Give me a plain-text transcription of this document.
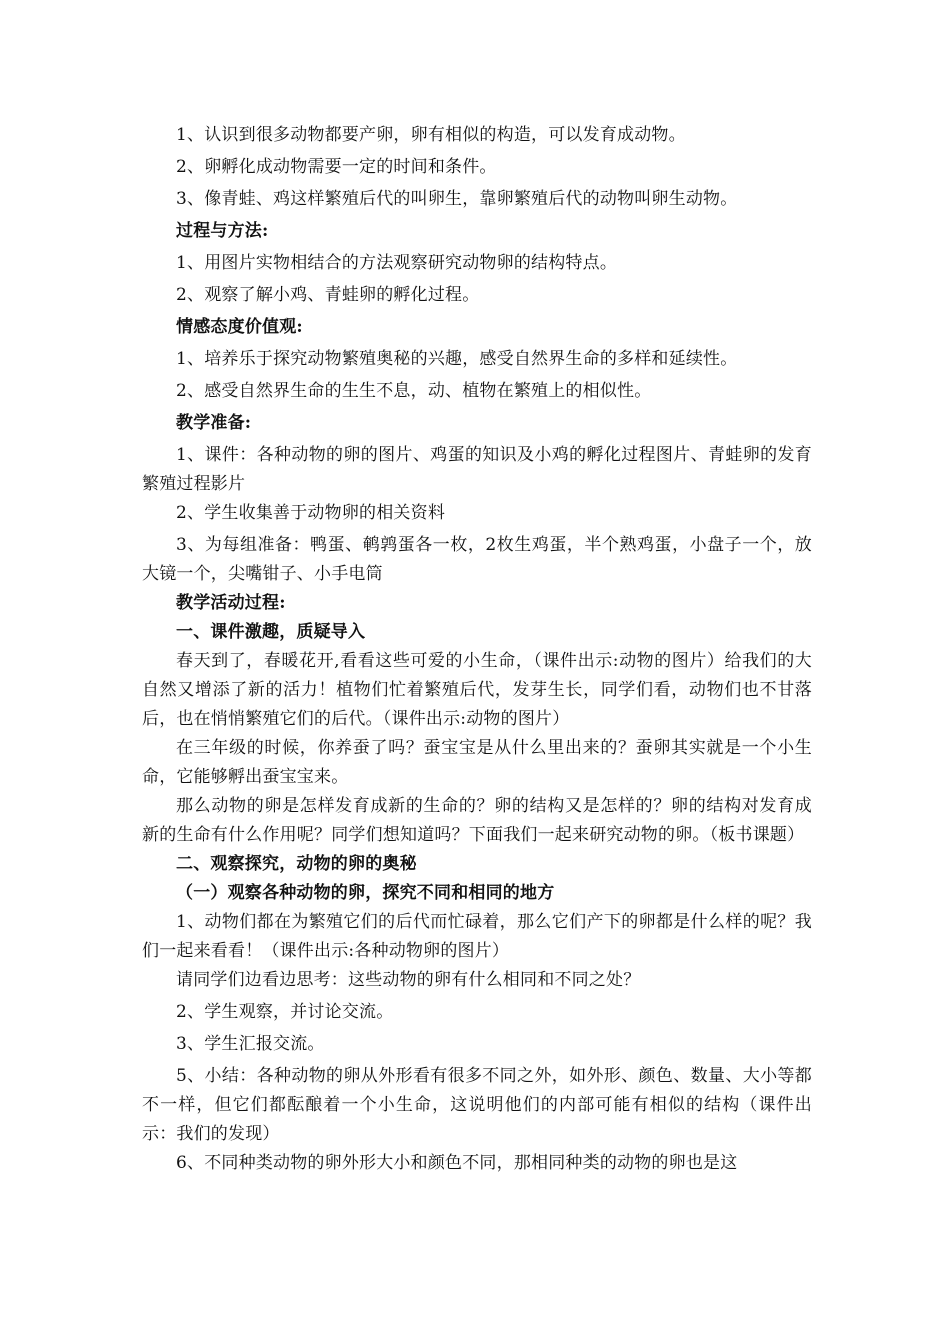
1、认识到很多动物都要产卵，卵有相似的构造，可以发育成动物。

2、卵孵化成动物需要一定的时间和条件。

3、像青蛙、鸡这样繁殖后代的叫卵生，靠卵繁殖后代的动物叫卵生动物。

过程与方法:

1、用图片实物相结合的方法观察研究动物卵的结构特点。

2、观察了解小鸡、青蛙卵的孵化过程。

情感态度价值观:

1、培养乐于探究动物繁殖奥秘的兴趣，感受自然界生命的多样和延续性。

2、感受自然界生命的生生不息，动、植物在繁殖上的相似性。

教学准备:

1、课件：各种动物的卵的图片、鸡蛋的知识及小鸡的孵化过程图片、青蛙卵的发育繁殖过程影片

2、学生收集善于动物卵的相关资料

3、为每组准备：鸭蛋、鹌鹑蛋各一枚，2枚生鸡蛋，半个熟鸡蛋，小盘子一个，放大镜一个，尖嘴钳子、小手电筒

教学活动过程:

一、课件激趣，质疑导入

春天到了，春暖花开,看看这些可爱的小生命，（课件出示:动物的图片）给我们的大自然又增添了新的活力！植物们忙着繁殖后代，发芽生长，同学们看，动物们也不甘落后，也在悄悄繁殖它们的后代。（课件出示:动物的图片）

在三年级的时候，你养蚕了吗？蚕宝宝是从什么里出来的？蚕卵其实就是一个小生命，它能够孵出蚕宝宝来。

那么动物的卵是怎样发育成新的生命的？卵的结构又是怎样的？卵的结构对发育成新的生命有什么作用呢？同学们想知道吗？下面我们一起来研究动物的卵。（板书课题）

二、观察探究，动物的卵的奥秘

（一）观察各种动物的卵，探究不同和相同的地方

1、动物们都在为繁殖它们的后代而忙碌着，那么它们产下的卵都是什么样的呢？我们一起来看看！（课件出示:各种动物卵的图片）

请同学们边看边思考：这些动物的卵有什么相同和不同之处？

2、学生观察，并讨论交流。

3、学生汇报交流。

5、小结：各种动物的卵从外形看有很多不同之外，如外形、颜色、数量、大小等都不一样，但它们都酝酿着一个小生命，这说明他们的内部可能有相似的结构（课件出示：我们的发现）

6、不同种类动物的卵外形大小和颜色不同，那相同种类的动物的卵也是这
